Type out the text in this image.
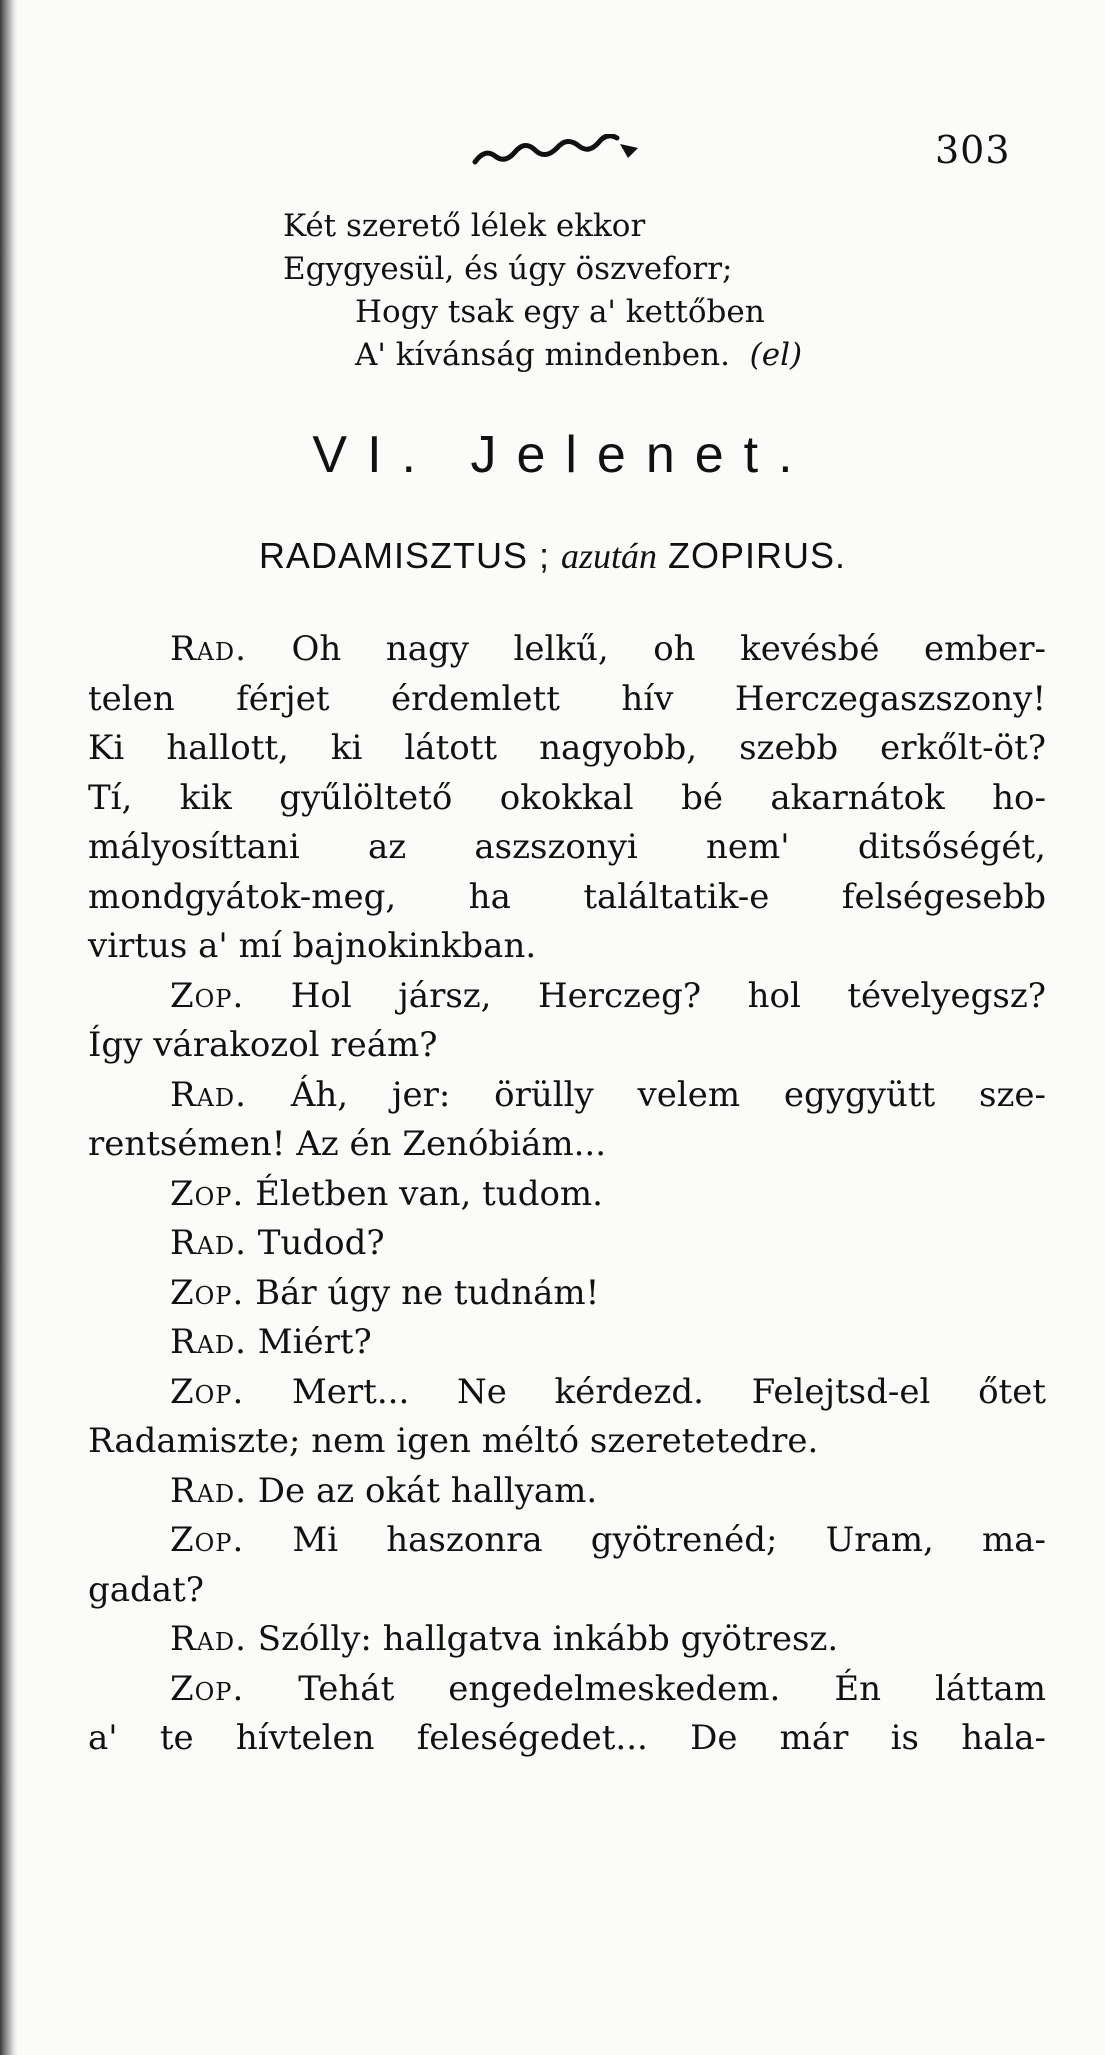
303
Két szerető lélek ekkor
Egygyesül, és úgy öszveforr;
Hogy tsak egy a' kettőben
A' kívánság mindenben. (el)
VI. Jelenet.
RADAMISZTUS ; azután ZOPIRUS.
Rad. Oh nagy lelkű, oh kevésbé ember-
telen férjet érdemlett hív Herczegaszszony!
Ki hallott, ki látott nagyobb, szebb erkőlt-öt?
Tí, kik gyűlöltető okokkal bé akarnátok ho-
mályosíttani az aszszonyi nem' ditsőségét,
mondgyátok-meg, ha találtatik-e felségesebb
virtus a' mí bajnokinkban.
Zop. Hol jársz, Herczeg? hol tévelyegsz?
Így várakozol reám?
Rad. Áh, jer: örülly velem egygyütt sze-
rentsémen! Az én Zenóbiám...
Zop. Életben van, tudom.
Rad. Tudod?
Zop. Bár úgy ne tudnám!
Rad. Miért?
Zop. Mert... Ne kérdezd. Felejtsd-el őtet
Radamiszte; nem igen méltó szeretetedre.
Rad. De az okát hallyam.
Zop. Mi haszonra gyötrenéd; Uram, ma-
gadat?
Rad. Szólly: hallgatva inkább gyötresz.
Zop. Tehát engedelmeskedem. Én láttam
a' te hívtelen feleségedet... De már is hala-
